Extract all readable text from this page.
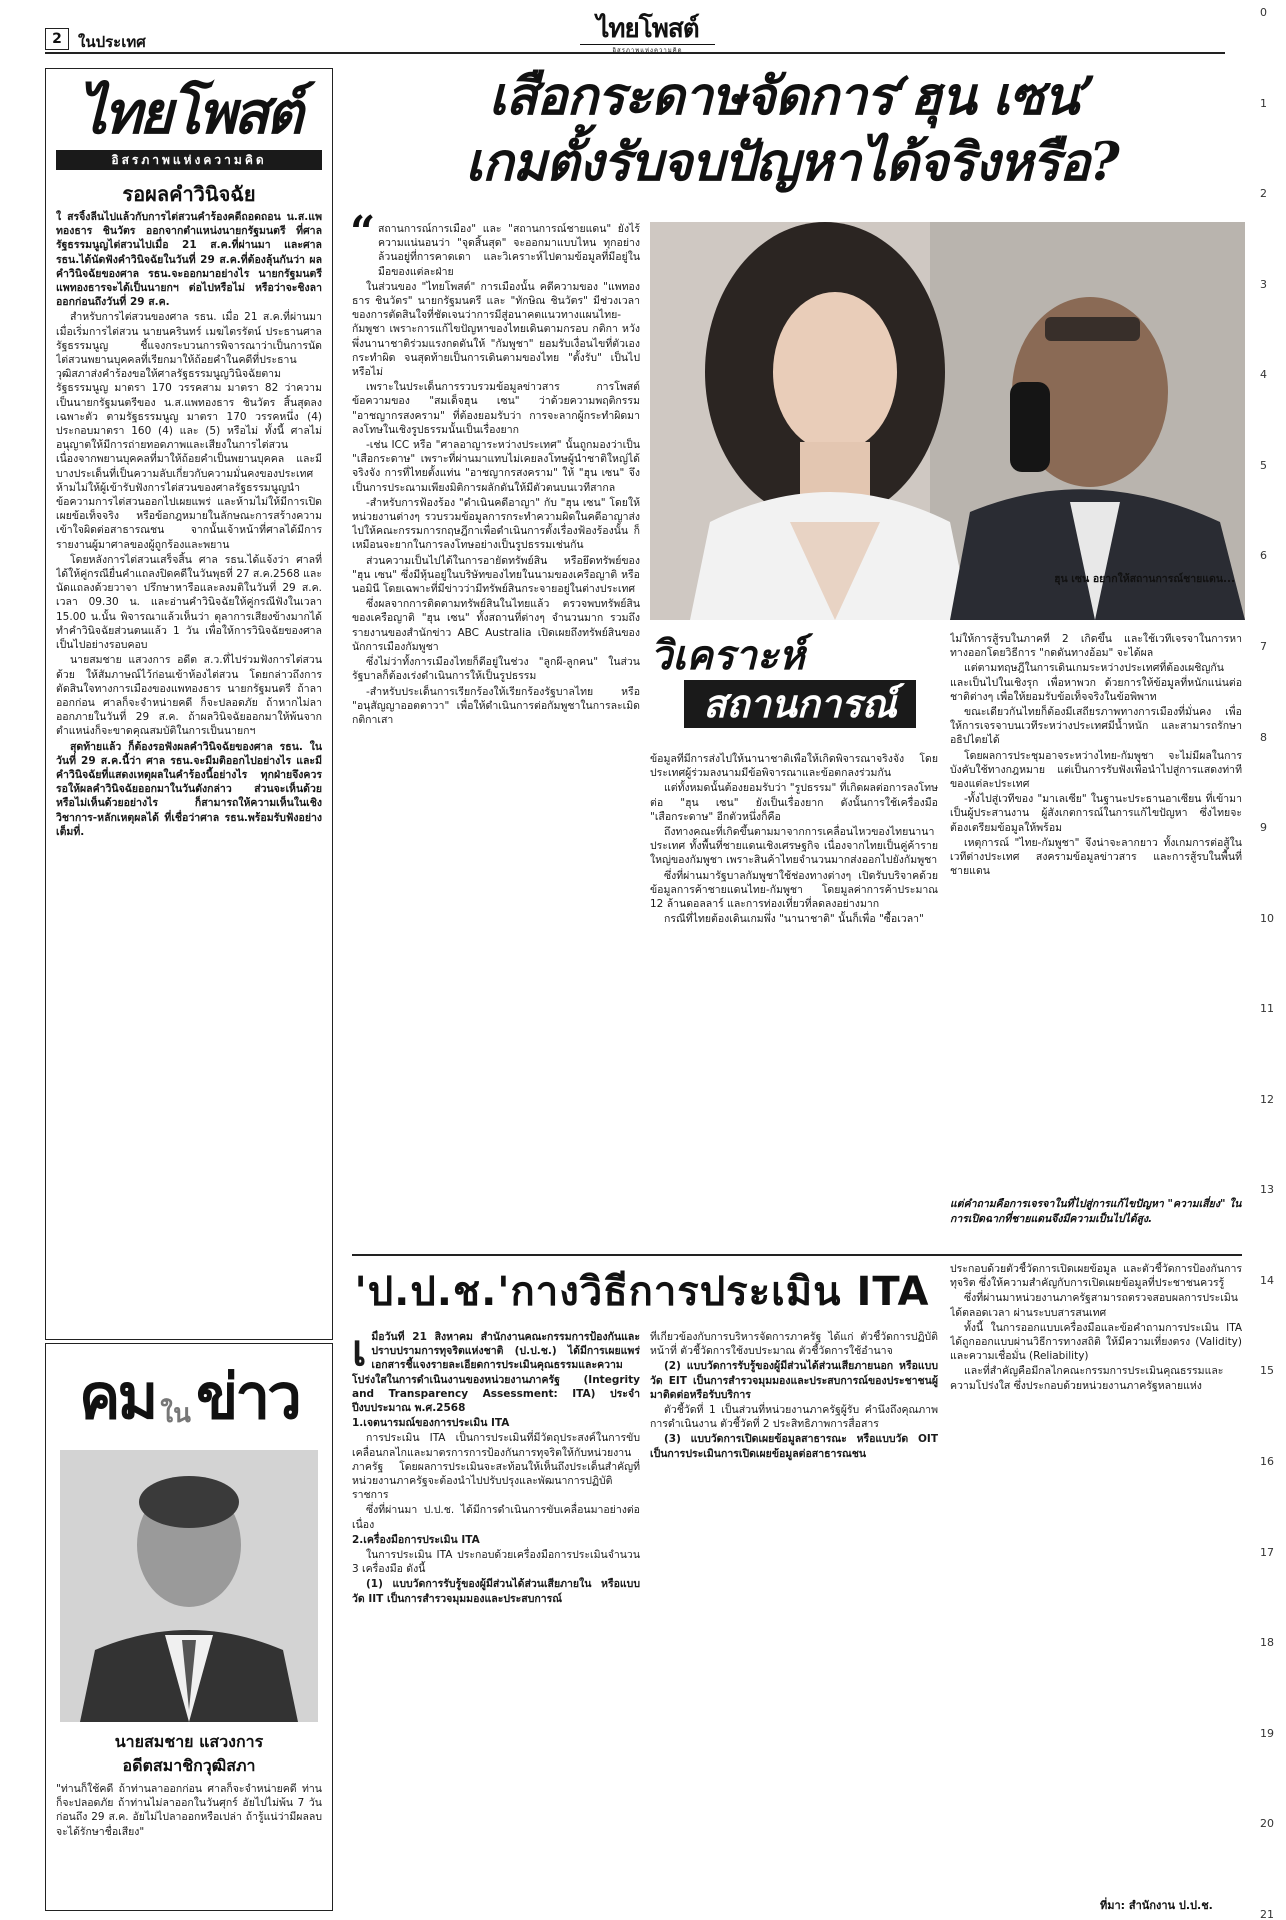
2	ในประเทศ	ไทยโพสต์
อิสรภาพแห่งความคิด
0
1
2
3
4
5
6
7
8
9
10
11
12
13
14
15
16
17
18
19
20
21
ไทยโพสต์
อิสรภาพแห่งความคิด
รอผลคำวินิจฉัย

ใ สรจิ้งลีนไปแล้วกับการไต่สวนคำร้องคดีถอดถอน น.ส.แพทองธาร ชินวัตร ออกจากตำแหน่งนายกรัฐมนตรี ที่ศาลรัฐธรรมนูญไต่สวนไปเมื่อ 21 ส.ค.ที่ผ่านมา และศาล รธน.ได้นัดฟังคำวินิจฉัยในวันที่ 29 ส.ค.ที่ต้องลุ้นกันว่า ผลคำวินิจฉัยของศาล รธน.จะออกมาอย่างไร นายกรัฐมนตรีแพทองธารจะได้เป็นนายกฯ ต่อไปหรือไม่ หรือว่าจะชิงลาออกก่อนถึงวันที่ 29 ส.ค.

สำหรับการไต่สวนของศาล รธน. เมื่อ 21 ส.ค.ที่ผ่านมา เมื่อเริ่มการไต่สวน นายนครินทร์ เมฆไตรรัตน์ ประธานศาลรัฐธรรมนูญ ชี้แจงกระบวนการพิจารณาว่าเป็นการนัดไต่สวนพยานบุคคลที่เรียกมาให้ถ้อยคำในคดีที่ประธานวุฒิสภาส่งคำร้องขอให้ศาลรัฐธรรมนูญวินิจฉัยตามรัฐธรรมนูญ มาตรา 170 วรรคสาม มาตรา 82 ว่าความเป็นนายกรัฐมนตรีของ น.ส.แพทองธาร ชินวัตร สิ้นสุดลงเฉพาะตัว ตามรัฐธรรมนูญ มาตรา 170 วรรคหนึ่ง (4) ประกอบมาตรา 160 (4) และ (5) หรือไม่ ทั้งนี้ ศาลไม่อนุญาตให้มีการถ่ายทอดภาพและเสียงในการไต่สวน เนื่องจากพยานบุคคลที่มาให้ถ้อยคำเป็นพยานบุคคล และมีบางประเด็นที่เป็นความลับเกี่ยวกับความมั่นคงของประเทศ ห้ามไม่ให้ผู้เข้ารับฟังการไต่สวนของศาลรัฐธรรมนูญนำข้อความการไต่สวนออกไปเผยแพร่ และห้ามไม่ให้มีการเปิดเผยข้อเท็จจริง หรือข้อกฎหมายในลักษณะการสร้างความเข้าใจผิดต่อสาธารณชน จากนั้นเจ้าหน้าที่ศาลได้มีการรายงานผู้มาศาลของผู้ถูกร้องและพยาน

โดยหลังการไต่สวนเสร็จสิ้น ศาล รธน.ได้แจ้งว่า ศาลที่ได้ให้คู่กรณียื่นคำแถลงปิดคดีในวันพุธที่ 27 ส.ค.2568 และนัดแถลงด้วยวาจา ปรึกษาหารือและลงมติในวันที่ 29 ส.ค. เวลา 09.30 น. และอ่านคำวินิจฉัยให้คู่กรณีฟังในเวลา 15.00 น.นั้น พิจารณาแล้วเห็นว่า ตุลาการเสียงข้างมากได้ทำคำวินิจฉัยส่วนตนแล้ว 1 วัน เพื่อให้การวินิจฉัยของศาลเป็นไปอย่างรอบคอบ

นายสมชาย แสวงการ อดีต ส.ว.ที่ไปร่วมฟังการไต่สวนด้วย ให้สัมภาษณ์ไว้ก่อนเข้าห้องไต่สวน โดยกล่าวถึงการตัดสินใจทางการเมืองของแพทองธาร นายกรัฐมนตรี ถ้าลาออกก่อน ศาลก็จะจำหน่ายคดี ก็จะปลอดภัย ถ้าหากไม่ลาออกภายในวันที่ 29 ส.ค. ถ้าผลวินิจฉัยออกมาให้พ้นจากตำแหน่งก็จะขาดคุณสมบัติในการเป็นนายกฯ

สุดท้ายแล้ว ก็ต้องรอฟังผลคำวินิจฉัยของศาล รธน. ในวันที่ 29 ส.ค.นี้ว่า ศาล รธน.จะมีมติออกไปอย่างไร และมีคำวินิจฉัยที่แสดงเหตุผลในคำร้องนี้อย่างไร ทุกฝ่ายจึงควรรอให้ผลคำวินิจฉัยออกมาในวันดังกล่าว ส่วนจะเห็นด้วยหรือไม่เห็นด้วยอย่างไร ก็สามารถให้ความเห็นในเชิงวิชาการ-หลักเหตุผลได้ ที่เชื่อว่าศาล รธน.พร้อมรับฟังอย่างเต็มที่.

เสือกระดาษจัดการ‘ฮุน เซน’
เกมตั้งรับจบปัญหาได้จริงหรือ?
ฮุน เซน อยากให้สถานการณ์ชายแดน...
“ สถานการณ์การเมือง" และ "สถานการณ์ชายแดน" ยังไร้ความแน่นอนว่า "จุดสิ้นสุด" จะออกมาแบบไหน ทุกอย่างล้วนอยู่ที่การคาดเดา และวิเคราะห์ไปตามข้อมูลที่มีอยู่ในมือของแต่ละฝ่าย

ในส่วนของ "ไทยโพสต์" การเมืองนั้น คดีความของ "แพทองธาร ชินวัตร" นายกรัฐมนตรี และ "ทักษิณ ชินวัตร" มีช่วงเวลาของการตัดสินใจที่ชัดเจนว่าการมีสู่อนาคตแนวทางแผนไทย-กัมพูชา เพราะการแก้ไขปัญหาของไทยเดินตามกรอบ กติกา หวังพึ่งนานาชาติร่วมแรงกดดันให้ "กัมพูชา" ยอมรับเงื่อนไขที่ตัวเองกระทำผิด จนสุดท้ายเป็นการเดินตามของไทย "ตั้งรับ" เป็นไปหรือไม่

เพราะในประเด็นการรวบรวมข้อมูลข่าวสาร การโพสต์ข้อความของ "สมเด็จฮุน เซน" ว่าด้วยความพฤติกรรม "อาชญากรสงคราม" ที่ต้องยอมรับว่า การจะลากผู้กระทำผิดมาลงโทษในเชิงรูปธรรมนั้นเป็นเรื่องยาก

-เช่น ICC หรือ "ศาลอาญาระหว่างประเทศ" นั้นถูกมองว่าเป็น "เสือกระดาษ" เพราะที่ผ่านมาแทบไม่เคยลงโทษผู้นำชาติใหญ่ได้จริงจัง การที่ไทยตั้งแท่น "อาชญากรสงคราม" ให้ "ฮุน เซน" จึงเป็นการประณามเพียงมิติการผลักดันให้มีตัวตนบนเวทีสากล

-สำหรับการฟ้องร้อง "ดำเนินคดีอาญา" กับ "ฮุน เซน" โดยให้หน่วยงานต่างๆ รวบรวมข้อมูลการกระทำความผิดในคดีอาญาส่งไปให้คณะกรรมการกฤษฎีกาเพื่อดำเนินการตั้งเรื่องฟ้องร้องนั้น ก็เหมือนจะยากในการลงโทษอย่างเป็นรูปธรรมเช่นกัน

ส่วนความเป็นไปได้ในการอายัดทรัพย์สิน หรือยึดทรัพย์ของ "ฮุน เซน" ซึ่งมีหุ้นอยู่ในบริษัทของไทยในนามของเครือญาติ หรือนอมินี โดยเฉพาะที่มีข่าวว่ามีทรัพย์สินกระจายอยู่ในต่างประเทศ

ซึ่งผลจากการติดตามทรัพย์สินในไทยแล้ว ตรวจพบทรัพย์สินของเครือญาติ "ฮุน เซน" ทั้งสถานที่ต่างๆ จำนวนมาก รวมถึงรายงานของสำนักข่าว ABC Australia เปิดเผยถึงทรัพย์สินของนักการเมืองกัมพูชา

ซึ่งไม่ว่าทั้งการเมืองไทยก็ดีอยู่ในช่วง "ลูกผี-ลูกคน" ในส่วนรัฐบาลก็ต้องเร่งดำเนินการให้เป็นรูปธรรม

-สำหรับประเด็นการเรียกร้องให้เรียกร้องรัฐบาลไทย หรือ "อนุสัญญาออตตาวา" เพื่อให้ดำเนินการต่อกัมพูชาในการละเมิดกติกาเสา

วิเคราะห์
สถานการณ์

ข้อมูลที่มีการส่งไปให้นานาชาติเพื่อให้เกิดพิจารณาจริงจัง โดยประเทศผู้ร่วมลงนามมีข้อพิจารณาและข้อตกลงร่วมกัน

แต่ทั้งหมดนั้นต้องยอมรับว่า "รูปธรรม" ที่เกิดผลต่อการลงโทษต่อ "ฮุน เซน" ยังเป็นเรื่องยาก ดังนั้นการใช้เครื่องมือ "เสือกระดาษ" อีกตัวหนึ่งก็คือ

ถึงทางคณะที่เกิดขึ้นตามมาจากการเคลื่อนไหวของไทยนานาประเทศ ทั้งพื้นที่ชายแดนเชิงเศรษฐกิจ เนื่องจากไทยเป็นคู่ค้ารายใหญ่ของกัมพูชา เพราะสินค้าไทยจำนวนมากส่งออกไปยังกัมพูชา

ซึ่งที่ผ่านมารัฐบาลกัมพูชาใช้ช่องทางต่างๆ เปิดรับบริจาคด้วยข้อมูลการค้าชายแดนไทย-กัมพูชา โดยมูลค่าการค้าประมาณ 12 ล้านดอลลาร์ และการท่องเที่ยวที่ลดลงอย่างมาก

กรณีที่ไทยต้องเดินเกมพึ่ง "นานาชาติ" นั้นก็เพื่อ "ซื้อเวลา"

ไม่ให้การสู้รบในภาคที่ 2 เกิดขึ้น และใช้เวทีเจรจาในการหาทางออกโดยวิธีการ "กดดันทางอ้อม" จะได้ผล

แต่ตามทฤษฎีในการเดินเกมระหว่างประเทศที่ต้องเผชิญกันและเป็นไปในเชิงรุก เพื่อหาพวก ด้วยการให้ข้อมูลที่หนักแน่นต่อชาติต่างๆ เพื่อให้ยอมรับข้อเท็จจริงในข้อพิพาท

ขณะเดียวกันไทยก็ต้องมีเสถียรภาพทางการเมืองที่มั่นคง เพื่อให้การเจรจาบนเวทีระหว่างประเทศมีน้ำหนัก และสามารถรักษาอธิปไตยได้

โดยผลการประชุมอาจระหว่างไทย-กัมพูชา จะไม่มีผลในการบังคับใช้ทางกฎหมาย แต่เป็นการรับฟังเพื่อนำไปสู่การแสดงท่าทีของแต่ละประเทศ

-ทั้งไปสู่เวทีของ "มาเลเซีย" ในฐานะประธานอาเซียน ที่เข้ามาเป็นผู้ประสานงาน ผู้สังเกตการณ์ในการแก้ไขปัญหา ซึ่งไทยจะต้องเตรียมข้อมูลให้พร้อม

เหตุการณ์ "ไทย-กัมพูชา" จึงน่าจะลากยาว ทั้งเกมการต่อสู้ในเวทีต่างประเทศ สงครามข้อมูลข่าวสาร และการสู้รบในพื้นที่ชายแดน

แต่คำถามคือการเจรจาในที่ไปสู่การแก้ไขปัญหา "ความเสี่ยง" ในการเปิดฉากที่ชายแดนจึงมีความเป็นไปได้สูง.
'ป.ป.ช.'กางวิธีการประเมิน ITA

เมื่อวันที่ 21 สิงหาคม สำนักงานคณะกรรมการป้องกันและปราบปรามการทุจริตแห่งชาติ (ป.ป.ช.) ได้มีการเผยแพร่เอกสารชี้แจงรายละเอียดการประเมินคุณธรรมและความโปร่งใสในการดำเนินงานของหน่วยงานภาครัฐ (Integrity and Transparency Assessment: ITA) ประจำปีงบประมาณ พ.ศ.2568

1.เจตนารมณ์ของการประเมิน ITA

การประเมิน ITA เป็นการประเมินที่มีวัตถุประสงค์ในการขับเคลื่อนกลไกและมาตรการการป้องกันการทุจริตให้กับหน่วยงานภาครัฐ โดยผลการประเมินจะสะท้อนให้เห็นถึงประเด็นสำคัญที่หน่วยงานภาครัฐจะต้องนำไปปรับปรุงและพัฒนาการปฏิบัติราชการ

ซึ่งที่ผ่านมา ป.ป.ช. ได้มีการดำเนินการขับเคลื่อนมาอย่างต่อเนื่อง

2.เครื่องมือการประเมิน ITA

ในการประเมิน ITA ประกอบด้วยเครื่องมือการประเมินจำนวน 3 เครื่องมือ ดังนี้

(1) แบบวัดการรับรู้ของผู้มีส่วนได้ส่วนเสียภายใน หรือแบบวัด IIT เป็นการสำรวจมุมมองและประสบการณ์

ที่เกี่ยวข้องกับการบริหารจัดการภาครัฐ ได้แก่ ตัวชี้วัดการปฏิบัติหน้าที่ ตัวชี้วัดการใช้งบประมาณ ตัวชี้วัดการใช้อำนาจ

(2) แบบวัดการรับรู้ของผู้มีส่วนได้ส่วนเสียภายนอก หรือแบบวัด EIT เป็นการสำรวจมุมมองและประสบการณ์ของประชาชนผู้มาติดต่อหรือรับบริการ

ตัวชี้วัดที่ 1 เป็นส่วนที่หน่วยงานภาครัฐผู้รับ คำนึงถึงคุณภาพการดำเนินงาน ตัวชี้วัดที่ 2 ประสิทธิภาพการสื่อสาร

(3) แบบวัดการเปิดเผยข้อมูลสาธารณะ หรือแบบวัด OIT เป็นการประเมินการเปิดเผยข้อมูลต่อสาธารณชน

ประกอบด้วยตัวชี้วัดการเปิดเผยข้อมูล และตัวชี้วัดการป้องกันการทุจริต ซึ่งให้ความสำคัญกับการเปิดเผยข้อมูลที่ประชาชนควรรู้

ซึ่งที่ผ่านมาหน่วยงานภาครัฐสามารถตรวจสอบผลการประเมินได้ตลอดเวลา ผ่านระบบสารสนเทศ

ทั้งนี้ ในการออกแบบเครื่องมือและข้อคำถามการประเมิน ITA ได้ถูกออกแบบผ่านวิธีการทางสถิติ ให้มีความเที่ยงตรง (Validity) และความเชื่อมั่น (Reliability)

และที่สำคัญคือมีกลไกคณะกรรมการประเมินคุณธรรมและความโปร่งใส ซึ่งประกอบด้วยหน่วยงานภาครัฐหลายแห่ง

ที่มา: สำนักงาน ป.ป.ช.
คม ใน ข่าว
นายสมชาย แสวงการ
อดีตสมาชิกวุฒิสภา
"ท่านก็ใช้คดี ถ้าท่านลาออกก่อน ศาลก็จะจำหน่ายคดี ท่านก็จะปลอดภัย ถ้าท่านไม่ลาออกในวันศุกร์ อัยไปไม่พ้น 7 วัน ก่อนถึง 29 ส.ค. อัยไม่ไปลาออกหรือเปล่า ถ้ารู้แน่ว่ามีผลลบ จะได้รักษาชื่อเสียง"
